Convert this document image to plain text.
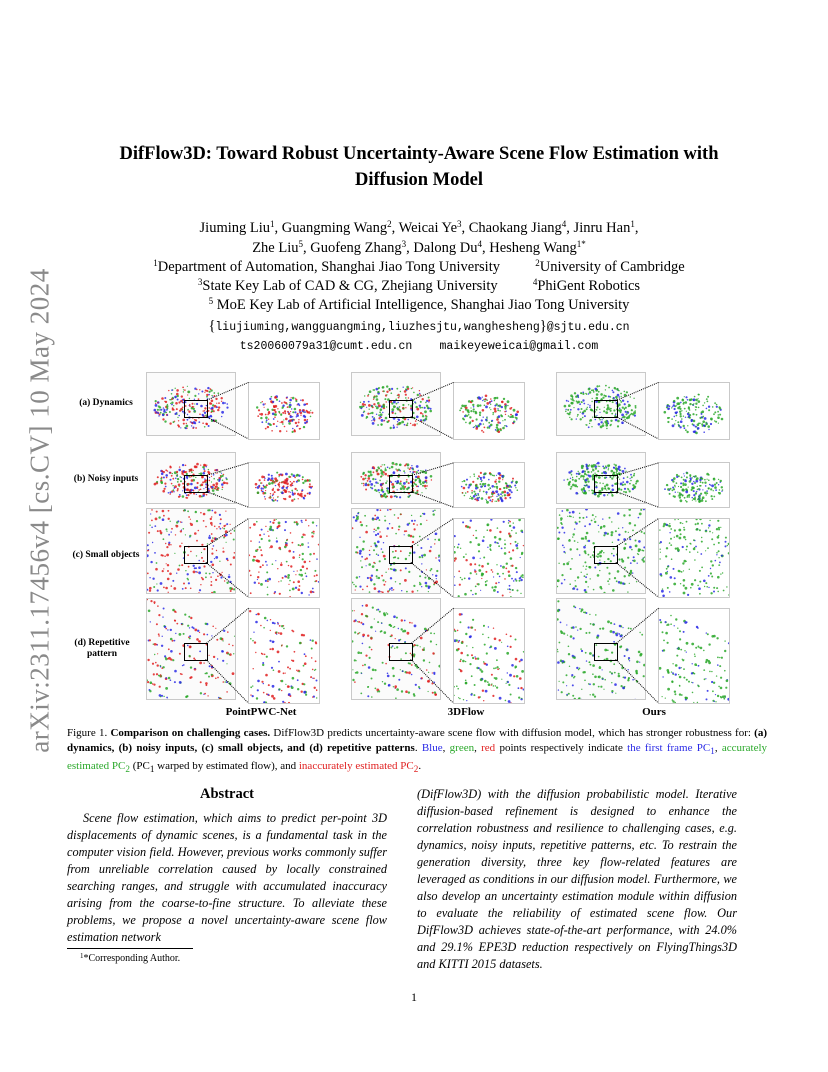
arXiv:2311.17456v4 [cs.CV] 10 May 2024
DifFlow3D: Toward Robust Uncertainty-Aware Scene Flow Estimation with
Diffusion Model
Jiuming Liu$^1$, Guangming Wang$^2$, Weicai Ye$^3$, Chaokang Jiang$^4$, Jinru Han$^1$,
Zhe Liu$^5$, Guofeng Zhang$^3$, Dalong Du$^4$, Hesheng Wang$^{1*}$
$^1$Department of Automation, Shanghai Jiao Tong University	$^2$University of Cambridge
$^3$State Key Lab of CAD & CG, Zhejiang University	$^4$PhiGent Robotics
$^5$ MoE Key Lab of Artificial Intelligence, Shanghai Jiao Tong University
{liujiuming,wangguangming,liuzhesjtu,wanghesheng}@sjtu.edu.cn
ts20060079a31@cumt.edu.cn maikeyeweicai@gmail.com
(a) Dynamics
(b) Noisy inputs
(c) Small objects
(d) Repetitive pattern
PointPWC-Net	3DFlow	Ours
Figure 1. Comparison on challenging cases. DifFlow3D predicts uncertainty-aware scene flow with diffusion model, which has stronger robustness for: (a) dynamics, (b) noisy inputs, (c) small objects, and (d) repetitive patterns. Blue, green, red points respectively indicate the first frame $PC_1$, accurately estimated $PC_2$ ($PC_1$ warped by estimated flow), and inaccurately estimated $PC_2$.
Abstract
Scene flow estimation, which aims to predict per-point 3D displacements of dynamic scenes, is a fundamental task in the computer vision field. However, previous works commonly suffer from unreliable correlation caused by locally constrained searching ranges, and struggle with accumulated inaccuracy arising from the coarse-to-fine structure. To alleviate these problems, we propose a novel uncertainty-aware scene flow estimation network
(DifFlow3D) with the diffusion probabilistic model. Iterative diffusion-based refinement is designed to enhance the correlation robustness and resilience to challenging cases, e.g. dynamics, noisy inputs, repetitive patterns, etc. To restrain the generation diversity, three key flow-related features are leveraged as conditions in our diffusion model. Furthermore, we also develop an uncertainty estimation module within diffusion to evaluate the reliability of estimated scene flow. Our DifFlow3D achieves state-of-the-art performance, with 24.0% and 29.1% EPE3D reduction respectively on FlyingThings3D and KITTI 2015 datasets.
$^1$*Corresponding Author.
1
